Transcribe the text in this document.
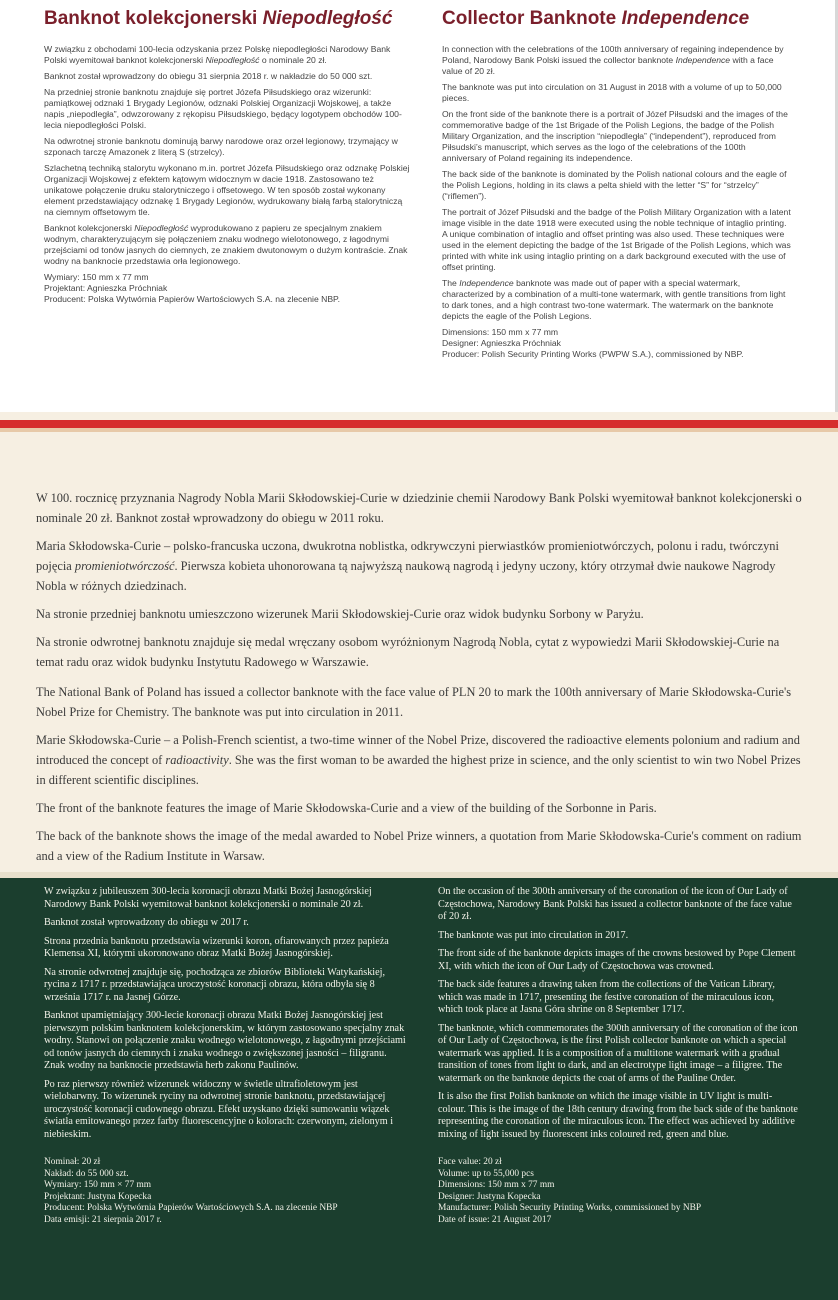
Banknot kolekcjonerski Niepodległość

W związku z obchodami 100-lecia odzyskania przez Polskę niepodległości Narodowy Bank Polski wyemitował banknot kolekcjonerski Niepodległość o nominale 20 zł.

Banknot został wprowadzony do obiegu 31 sierpnia 2018 r. w nakładzie do 50 000 szt.

Na przedniej stronie banknotu znajduje się portret Józefa Piłsudskiego oraz wizerunki: pamiątkowej odznaki 1 Brygady Legionów, odznaki Polskiej Organizacji Wojskowej, a także napis „niepodległa”, odwzorowany z rękopisu Piłsudskiego, będący logotypem obchodów 100-lecia niepodległości Polski.

Na odwrotnej stronie banknotu dominują barwy narodowe oraz orzeł legionowy, trzymający w szponach tarczę Amazonek z literą S (strzelcy).

Szlachetną techniką stalorytu wykonano m.in. portret Józefa Piłsudskiego oraz odznakę Polskiej Organizacji Wojskowej z efektem kątowym widocznym w dacie 1918. Zastosowano też unikatowe połączenie druku stalorytniczego i offsetowego. W ten sposób został wykonany element przedstawiający odznakę 1 Brygady Legionów, wydrukowany białą farbą stalorytniczą na ciemnym offsetowym tle.

Banknot kolekcjonerski Niepodległość wyprodukowano z papieru ze specjalnym znakiem wodnym, charakteryzującym się połączeniem znaku wodnego wielotonowego, z łagodnymi przejściami od tonów jasnych do ciemnych, ze znakiem dwutonowym o dużym kontraście. Znak wodny na banknocie przedstawia orła legionowego.

Wymiary: 150 mm x 77 mm

Projektant: Agnieszka Próchniak

Producent: Polska Wytwórnia Papierów Wartościowych S.A. na zlecenie NBP.

Collector Banknote Independence

In connection with the celebrations of the 100th anniversary of regaining independence by Poland, Narodowy Bank Polski issued the collector banknote Independence with a face value of 20 zł.

The banknote was put into circulation on 31 August in 2018 with a volume of up to 50,000 pieces.

On the front side of the banknote there is a portrait of Józef Piłsudski and the images of the commemorative badge of the 1st Brigade of the Polish Legions, the badge of the Polish Military Organization, and the inscription “niepodległa” (“independent”), reproduced from Piłsudski’s manuscript, which serves as the logo of the celebrations of the 100th anniversary of Poland regaining its independence.

The back side of the banknote is dominated by the Polish national colours and the eagle of the Polish Legions, holding in its claws a pelta shield with the letter “S” for “strzelcy” (“riflemen”).

The portrait of Józef Piłsudski and the badge of the Polish Military Organization with a latent image visible in the date 1918 were executed using the noble technique of intaglio printing. A unique combination of intaglio and offset printing was also used. These techniques were used in the element depicting the badge of the 1st Brigade of the Polish Legions, which was printed with white ink using intaglio printing on a dark background executed with the use of offset printing.

The Independence banknote was made out of paper with a special watermark, characterized by a combination of a multi-tone watermark, with gentle transitions from light to dark tones, and a high contrast two-tone watermark. The watermark on the banknote depicts the eagle of the Polish Legions.

Dimensions: 150 mm x 77 mm

Designer: Agnieszka Próchniak

Producer: Polish Security Printing Works (PWPW S.A.), commissioned by NBP.

W 100. rocznicę przyznania Nagrody Nobla Marii Skłodowskiej-Curie w dziedzinie chemii Narodowy Bank Polski wyemitował banknot kolekcjonerski o nominale 20 zł. Banknot został wprowadzony do obiegu w 2011 roku.

Maria Skłodowska-Curie – polsko-francuska uczona, dwukrotna noblistka, odkrywczyni pierwiastków promieniotwórczych, polonu i radu, twórczyni pojęcia promieniotwórczość. Pierwsza kobieta uhonorowana tą najwyższą naukową nagrodą i jedyny uczony, który otrzymał dwie naukowe Nagrody Nobla w różnych dziedzinach.

Na stronie przedniej banknotu umieszczono wizerunek Marii Skłodowskiej-Curie oraz widok budynku Sorbony w Paryżu.

Na stronie odwrotnej banknotu znajduje się medal wręczany osobom wyróżnionym Nagrodą Nobla, cytat z wypowiedzi Marii Skłodowskiej-Curie na temat radu oraz widok budynku Instytutu Radowego w Warszawie.

The National Bank of Poland has issued a collector banknote with the face value of PLN 20 to mark the 100th anniversary of Marie Skłodowska-Curie's Nobel Prize for Chemistry. The banknote was put into circulation in 2011.

Marie Skłodowska-Curie – a Polish-French scientist, a two-time winner of the Nobel Prize, discovered the radioactive elements polonium and radium and introduced the concept of radioactivity. She was the first woman to be awarded the highest prize in science, and the only scientist to win two Nobel Prizes in different scientific disciplines.

The front of the banknote features the image of Marie Skłodowska-Curie and a view of the building of the Sorbonne in Paris.

The back of the banknote shows the image of the medal awarded to Nobel Prize winners, a quotation from Marie Skłodowska-Curie's comment on radium and a view of the Radium Institute in Warsaw.

W związku z jubileuszem 300-lecia koronacji obrazu Matki Bożej Jasnogórskiej Narodowy Bank Polski wyemitował banknot kolekcjonerski o nominale 20 zł.

Banknot został wprowadzony do obiegu w 2017 r.

Strona przednia banknotu przedstawia wizerunki koron, ofiarowanych przez papieża Klemensa XI, którymi ukoronowano obraz Matki Bożej Jasnogórskiej.

Na stronie odwrotnej znajduje się, pochodząca ze zbiorów Biblioteki Watykańskiej, rycina z 1717 r. przedstawiająca uroczystość koronacji obrazu, która odbyła się 8 września 1717 r. na Jasnej Górze.

Banknot upamiętniający 300-lecie koronacji obrazu Matki Bożej Jasnogórskiej jest pierwszym polskim banknotem kolekcjonerskim, w którym zastosowano specjalny znak wodny. Stanowi on połączenie znaku wodnego wielotonowego, z łagodnymi przejściami od tonów jasnych do ciemnych i znaku wodnego o zwiększonej jasności – filigranu. Znak wodny na banknocie przedstawia herb zakonu Paulinów.

Po raz pierwszy również wizerunek widoczny w świetle ultrafioletowym jest wielobarwny. To wizerunek ryciny na odwrotnej stronie banknotu, przedstawiającej uroczystość koronacji cudownego obrazu. Efekt uzyskano dzięki sumowaniu wiązek światła emitowanego przez farby fluorescencyjne o kolorach: czerwonym, zielonym i niebieskim.

Nominał: 20 zł

Nakład: do 55 000 szt.

Wymiary: 150 mm × 77 mm

Projektant: Justyna Kopecka

Producent: Polska Wytwórnia Papierów Wartościowych S.A. na zlecenie NBP

Data emisji: 21 sierpnia 2017 r.

On the occasion of the 300th anniversary of the coronation of the icon of Our Lady of Częstochowa, Narodowy Bank Polski has issued a collector banknote of the face value of 20 zł.

The banknote was put into circulation in 2017.

The front side of the banknote depicts images of the crowns bestowed by Pope Clement XI, with which the icon of Our Lady of Częstochowa was crowned.

The back side features a drawing taken from the collections of the Vatican Library, which was made in 1717, presenting the festive coronation of the miraculous icon, which took place at Jasna Góra shrine on 8 September 1717.

The banknote, which commemorates the 300th anniversary of the coronation of the icon of Our Lady of Częstochowa, is the first Polish collector banknote on which a special watermark was applied. It is a composition of a multitone watermark with a gradual transition of tones from light to dark, and an electrotype light image – a filigree. The watermark on the banknote depicts the coat of arms of the Pauline Order.

It is also the first Polish banknote on which the image visible in UV light is multi-colour. This is the image of the 18th century drawing from the back side of the banknote representing the coronation of the miraculous icon. The effect was achieved by additive mixing of light issued by fluorescent inks coloured red, green and blue.

Face value: 20 zł

Volume: up to 55,000 pcs

Dimensions: 150 mm x 77 mm

Designer: Justyna Kopecka

Manufacturer: Polish Security Printing Works, commissioned by NBP

Date of issue: 21 August 2017
